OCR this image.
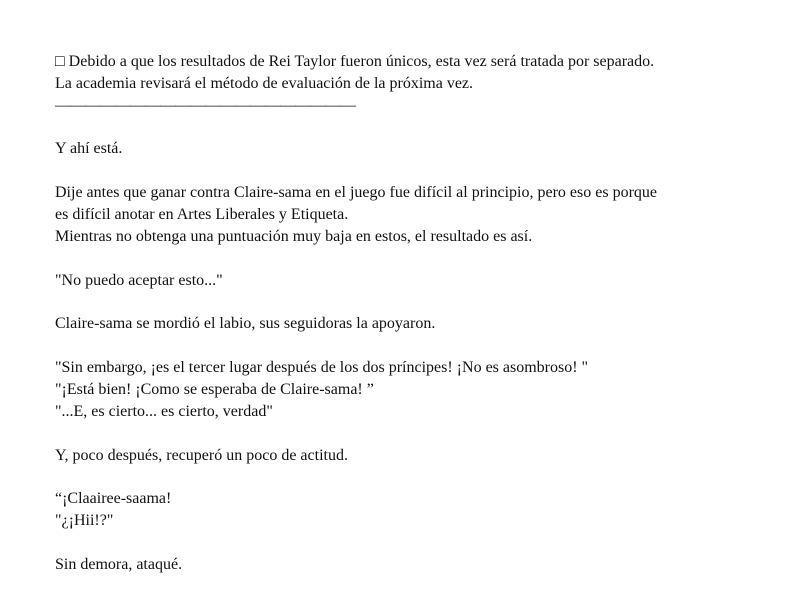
□ Debido a que los resultados de Rei Taylor fueron únicos, esta vez será tratada por separado.
La academia revisará el método de evaluación de la próxima vez.
————————————————————
Y ahí está.
Dije antes que ganar contra Claire-sama en el juego fue difícil al principio, pero eso es porque
es difícil anotar en Artes Liberales y Etiqueta.
Mientras no obtenga una puntuación muy baja en estos, el resultado es así.
"No puedo aceptar esto..."
Claire-sama se mordió el labio, sus seguidoras la apoyaron.
"Sin embargo, ¡es el tercer lugar después de los dos príncipes! ¡No es asombroso! "
"¡Está bien! ¡Como se esperaba de Claire-sama! ”
"...E, es cierto... es cierto, verdad"
Y, poco después, recuperó un poco de actitud.
“¡Claairee-saama!
"¿¡Hii!?"
Sin demora, ataqué.
